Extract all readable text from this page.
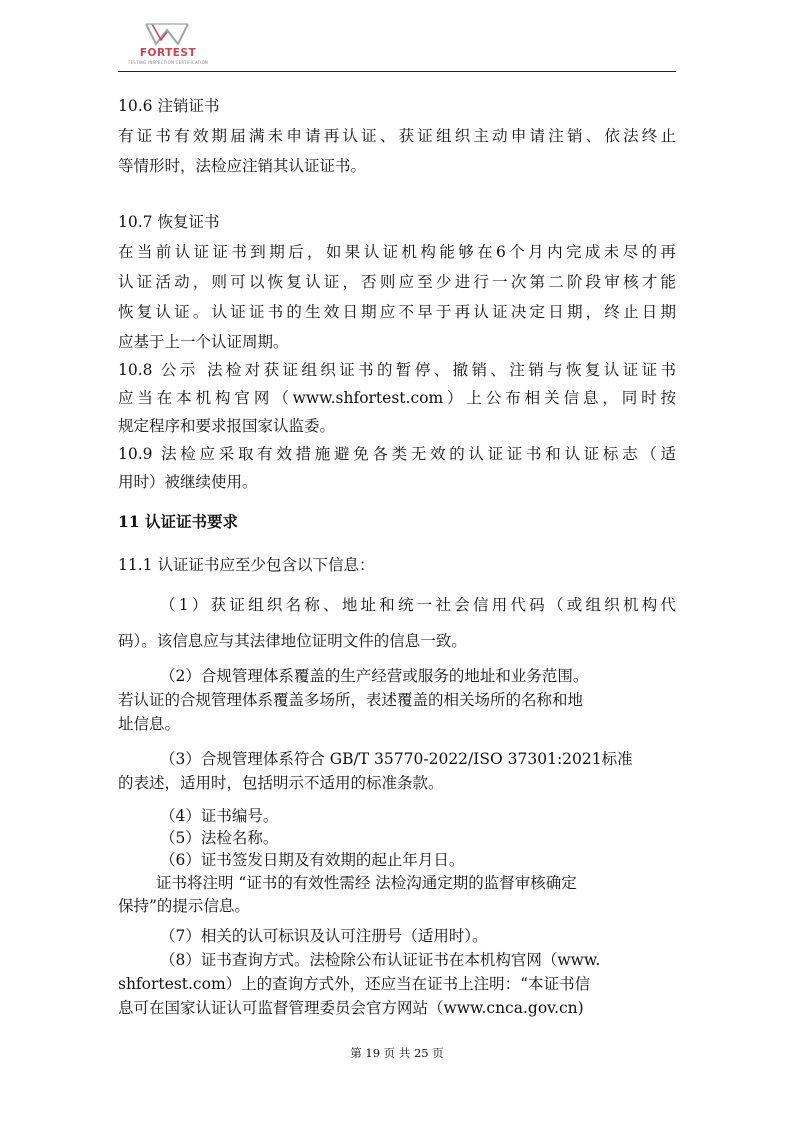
FORTEST
TESTING INSPECTION CERTIFICATION
10.6 注销证书
有证书有效期届满未申请再认证、获证组织主动申请注销、依法终止
等情形时，法检应注销其认证证书。
10.7 恢复证书
在当前认证证书到期后，如果认证机构能够在6个月内完成未尽的再
认证活动，则可以恢复认证，否则应至少进行一次第二阶段审核才能
恢复认证。认证证书的生效日期应不早于再认证决定日期，终止日期
应基于上一个认证周期。
10.8 公示 法检对获证组织证书的暂停、撤销、注销与恢复认证证书
应当在本机构官网（www.shfortest.com）上公布相关信息，同时按
规定程序和要求报国家认监委。
10.9 法检应采取有效措施避免各类无效的认证证书和认证标志（适
用时）被继续使用。
11 认证证书要求
11.1 认证证书应至少包含以下信息：
（1）获证组织名称、地址和统一社会信用代码（或组织机构代
码）。该信息应与其法律地位证明文件的信息一致。
（2）合规管理体系覆盖的生产经营或服务的地址和业务范围。
若认证的合规管理体系覆盖多场所，表述覆盖的相关场所的名称和地
址信息。
（3）合规管理体系符合 GB/T 35770-2022/ISO 37301:2021标准
的表述，适用时，包括明示不适用的标准条款。
（4）证书编号。
（5）法检名称。
（6）证书签发日期及有效期的起止年月日。
证书将注明 “证书的有效性需经 法检沟通定期的监督审核确定
保持”的提示信息。
（7）相关的认可标识及认可注册号（适用时）。
（8）证书查询方式。法检除公布认证证书在本机构官网（www.
shfortest.com）上的查询方式外，还应当在证书上注明：“本证书信
息可在国家认证认可监督管理委员会官方网站（www.cnca.gov.cn)
第 19 页 共 25 页
